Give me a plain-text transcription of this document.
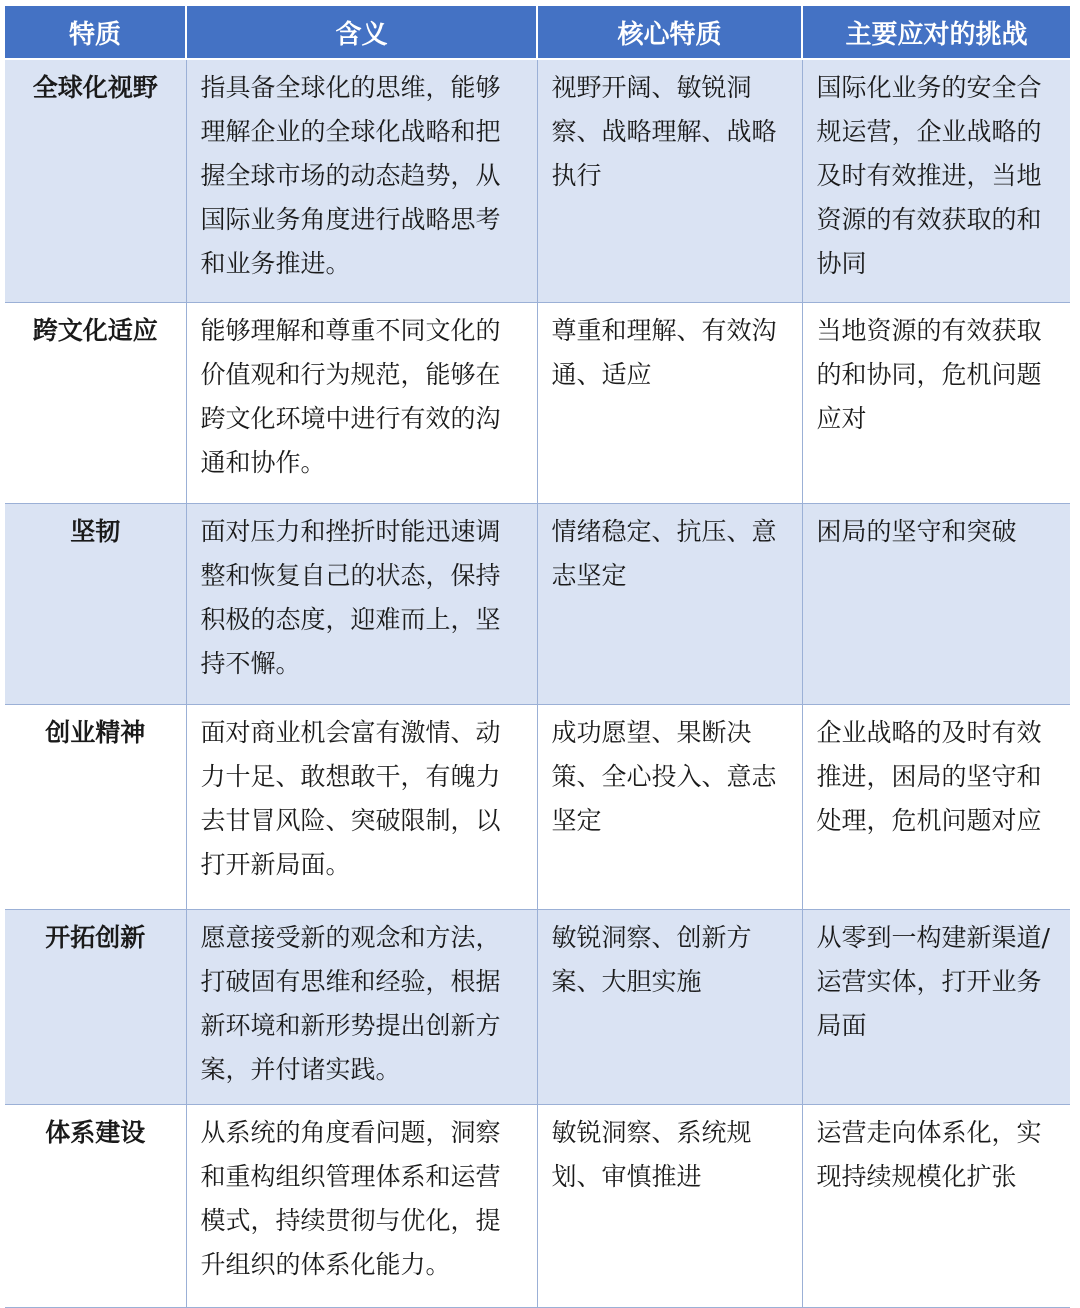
特质	含义	核心特质	主要应对的挑战
全球化视野	指具备全球化的思维，能够理解企业的全球化战略和把握全球市场的动态趋势，从国际业务角度进行战略思考和业务推进。	视野开阔、敏锐洞察、战略理解、战略执行	国际化业务的安全合规运营，企业战略的及时有效推进，当地资源的有效获取的和协同
跨文化适应	能够理解和尊重不同文化的价值观和行为规范，能够在跨文化环境中进行有效的沟通和协作。	尊重和理解、有效沟通、适应	当地资源的有效获取的和协同，危机问题应对
坚韧	面对压力和挫折时能迅速调整和恢复自己的状态，保持积极的态度，迎难而上，坚持不懈。	情绪稳定、抗压、意志坚定	困局的坚守和突破
创业精神	面对商业机会富有激情、动力十足、敢想敢干，有魄力去甘冒风险、突破限制，以打开新局面。	成功愿望、果断决策、全心投入、意志坚定	企业战略的及时有效推进，困局的坚守和处理，危机问题对应
开拓创新	愿意接受新的观念和方法，打破固有思维和经验，根据新环境和新形势提出创新方案，并付诸实践。	敏锐洞察、创新方案、大胆实施	从零到一构建新渠道/运营实体，打开业务局面
体系建设	从系统的角度看问题，洞察和重构组织管理体系和运营模式，持续贯彻与优化，提升组织的体系化能力。	敏锐洞察、系统规划、审慎推进	运营走向体系化，实现持续规模化扩张
